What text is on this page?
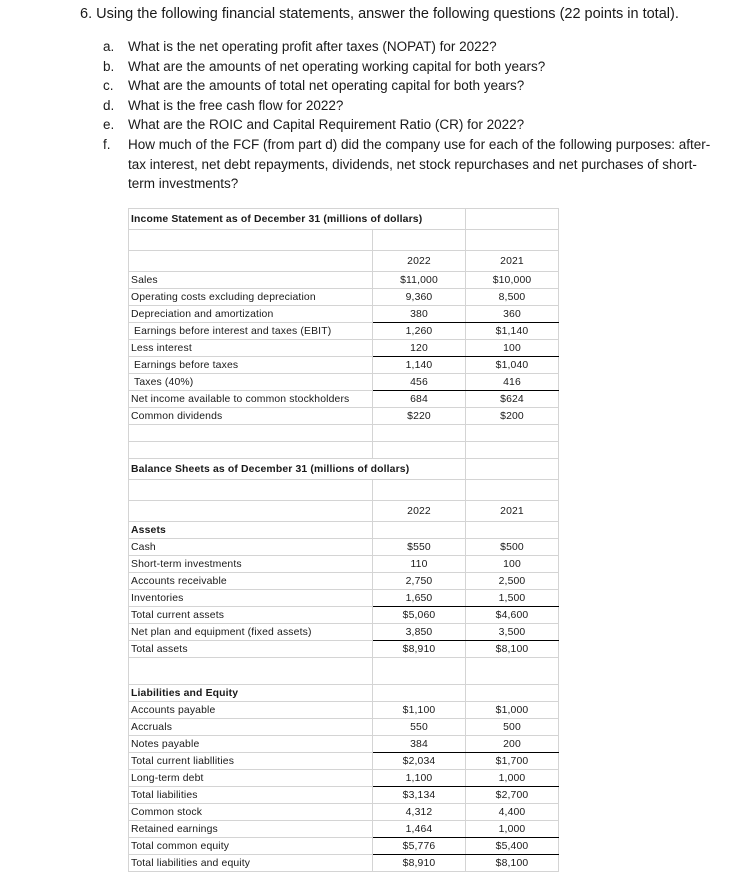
6. Using the following financial statements, answer the following questions (22 points in total).
a.	What is the net operating profit after taxes (NOPAT) for 2022?
b.	What are the amounts of net operating working capital for both years?
c.	What are the amounts of total net operating capital for both years?
d.	What is the free cash flow for 2022?
e.	What are the ROIC and Capital Requirement Ratio (CR) for 2022?
f.	How much of the FCF (from part d) did the company use for each of the following purposes: after-tax interest, net debt repayments, dividends, net stock repurchases and net purchases of short-term investments?
Income Statement as of December 31 (millions of dollars)		

	2022	2021
Sales	$11,000	$10,000
Operating costs excluding depreciation	9,360	8,500
Depreciation and amortization	380	360
Earnings before interest and taxes (EBIT)	1,260	$1,140
Less interest	120	100
Earnings before taxes	1,140	$1,040
Taxes (40%)	456	416
Net income available to common stockholders	684	$624
Common dividends	$220	$200

Balance Sheets as of December 31 (millions of dollars)		

	2022	2021
Assets		
Cash	$550	$500
Short-term investments	110	100
Accounts receivable	2,750	2,500
Inventories	1,650	1,500
Total current assets	$5,060	$4,600
Net plan and equipment (fixed assets)	3,850	3,500
Total assets	$8,910	$8,100

Liabilities and Equity		
Accounts payable	$1,100	$1,000
Accruals	550	500
Notes payable	384	200
Total current liabllities	$2,034	$1,700
Long-term debt	1,100	1,000
Total liabilities	$3,134	$2,700
Common stock	4,312	4,400
Retained earnings	1,464	1,000
Total common equity	$5,776	$5,400
Total liabilities and equity	$8,910	$8,100
